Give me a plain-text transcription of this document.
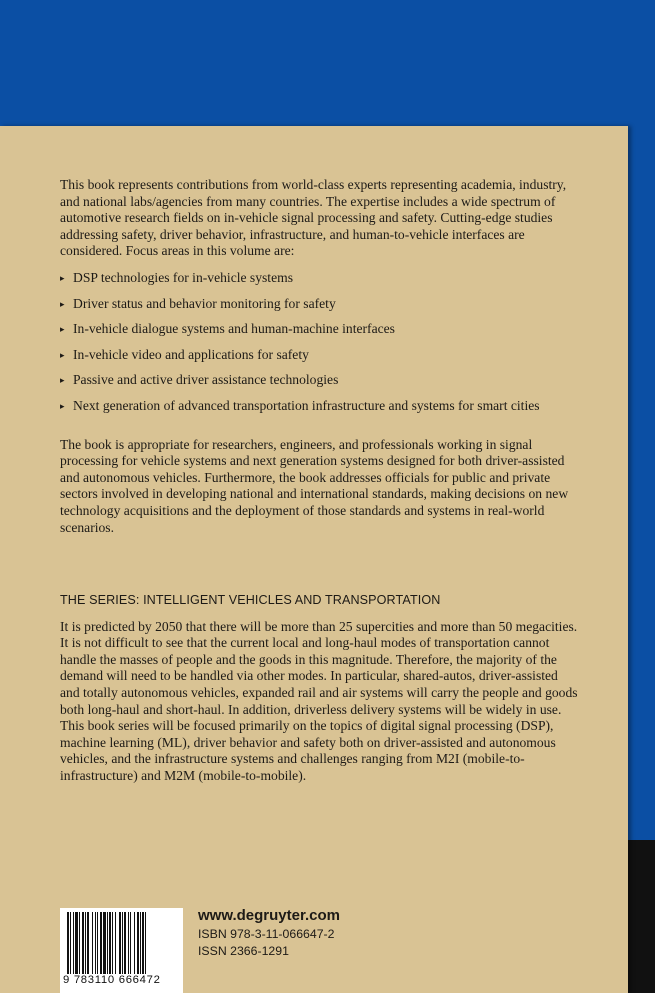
This book represents contributions from world-class experts representing academia, industry, and national labs/agencies from many countries. The expertise includes a wide spectrum of automotive research fields on in-vehicle signal processing and safety. Cutting-edge studies addressing safety, driver behavior, infrastructure, and human-to-vehicle interfaces are considered. Focus areas in this volume are:

▸ DSP technologies for in-vehicle systems
▸ Driver status and behavior monitoring for safety
▸ In-vehicle dialogue systems and human-machine interfaces
▸ In-vehicle video and applications for safety
▸ Passive and active driver assistance technologies
▸ Next generation of advanced transportation infrastructure and systems for smart cities

The book is appropriate for researchers, engineers, and professionals working in signal processing for vehicle systems and next generation systems designed for both driver-assisted and autonomous vehicles. Furthermore, the book addresses officials for public and private sectors involved in developing national and international standards, making decisions on new technology acquisitions and the deployment of those standards and systems in real-world scenarios.

THE SERIES: INTELLIGENT VEHICLES AND TRANSPORTATION

It is predicted by 2050 that there will be more than 25 supercities and more than 50 megacities. It is not difficult to see that the current local and long-haul modes of transportation cannot handle the masses of people and the goods in this magnitude. Therefore, the majority of the demand will need to be handled via other modes. In particular, shared-autos, driver-assisted and totally autonomous vehicles, expanded rail and air systems will carry the people and goods both long-haul and short-haul. In addition, driverless delivery systems will be widely in use. This book series will be focused primarily on the topics of digital signal processing (DSP), machine learning (ML), driver behavior and safety both on driver-assisted and autonomous vehicles, and the infrastructure systems and challenges ranging from M2I (mobile-to-infrastructure) and M2M (mobile-to-mobile).

9 783110 666472
www.degruyter.com
ISBN 978-3-11-066647-2
ISSN 2366-1291
